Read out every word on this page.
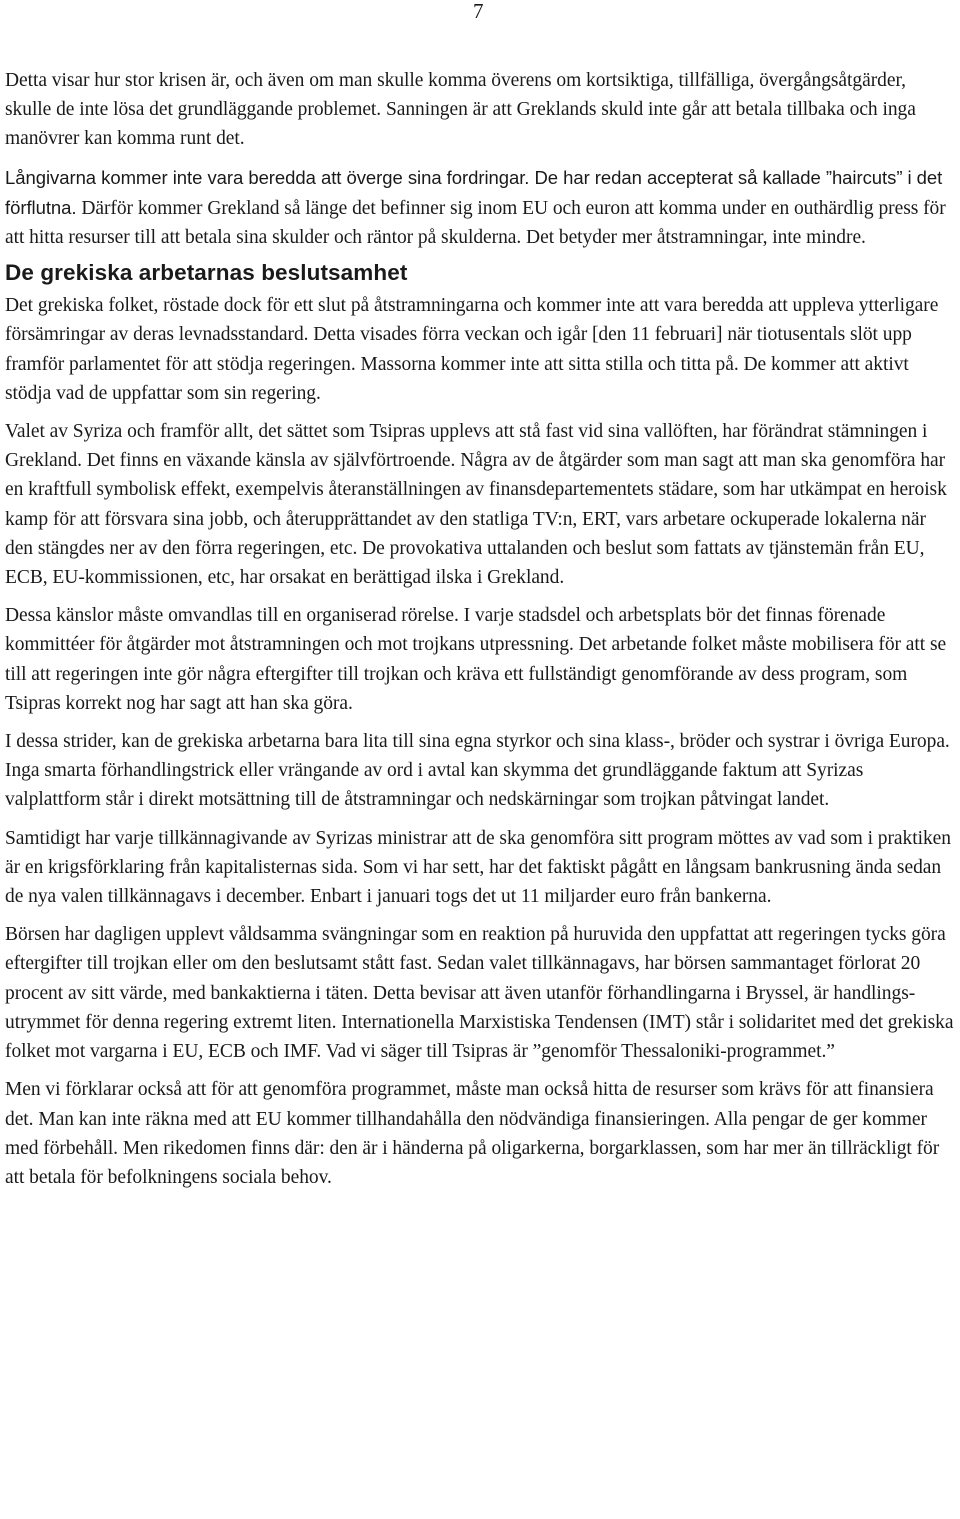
7

Detta visar hur stor krisen är, och även om man skulle komma överens om kortsiktiga, tillfälliga, övergångsåtgärder, skulle de inte lösa det grundläggande problemet. Sanningen är att Greklands skuld inte går att betala tillbaka och inga manövrer kan komma runt det.

Långivarna kommer inte vara beredda att överge sina fordringar. De har redan accepterat så kallade ”haircuts” i det förflutna. Därför kommer Grekland så länge det befinner sig inom EU och euron att komma under en outhärdlig press för att hitta resurser till att betala sina skulder och räntor på skulderna. Det betyder mer åtstramningar, inte mindre.

De grekiska arbetarnas beslutsamhet

Det grekiska folket, röstade dock för ett slut på åtstramningarna och kommer inte att vara beredda att uppleva ytterligare försämringar av deras levnadsstandard. Detta visades förra veckan och igår [den 11 februari] när tiotusentals slöt upp framför parlamentet för att stödja regeringen. Massorna kommer inte att sitta stilla och titta på. De kommer att aktivt stödja vad de uppfattar som sin regering.

Valet av Syriza och framför allt, det sättet som Tsipras upplevs att stå fast vid sina vallöften, har förändrat stämningen i Grekland. Det finns en växande känsla av självförtroende. Några av de åtgärder som man sagt att man ska genomföra har en kraftfull symbolisk effekt, exempelvis återanställningen av finansdepartementets städare, som har utkämpat en heroisk kamp för att försvara sina jobb, och återupprättandet av den statliga TV:n, ERT, vars arbetare ockuperade lokalerna när den stängdes ner av den förra regeringen, etc. De provokativa uttalanden och beslut som fattats av tjänstemän från EU, ECB, EU-kommissionen, etc, har orsakat en berättigad ilska i Grekland.

Dessa känslor måste omvandlas till en organiserad rörelse. I varje stadsdel och arbetsplats bör det finnas förenade kommittéer för åtgärder mot åtstramningen och mot trojkans utpressning. Det arbetande folket måste mobilisera för att se till att regeringen inte gör några eftergifter till trojkan och kräva ett fullständigt genomförande av dess program, som Tsipras korrekt nog har sagt att han ska göra.

I dessa strider, kan de grekiska arbetarna bara lita till sina egna styrkor och sina klass-, bröder och systrar i övriga Europa. Inga smarta förhandlingstrick eller vrängande av ord i avtal kan skymma det grundläggande faktum att Syrizas valplattform står i direkt motsättning till de åtstramningar och nedskärningar som trojkan påtvingat landet.

Samtidigt har varje tillkännagivande av Syrizas ministrar att de ska genomföra sitt program möttes av vad som i praktiken är en krigsförklaring från kapitalisternas sida. Som vi har sett, har det faktiskt pågått en långsam bankrusning ända sedan de nya valen tillkännagavs i december. Enbart i januari togs det ut 11 miljarder euro från bankerna.

Börsen har dagligen upplevt våldsamma svängningar som en reaktion på huruvida den uppfattat att regeringen tycks göra eftergifter till trojkan eller om den beslutsamt stått fast. Sedan valet tillkännagavs, har börsen sammantaget förlorat 20 procent av sitt värde, med bankaktierna i täten. Detta bevisar att även utanför förhandlingarna i Bryssel, är handlings-utrymmet för denna regering extremt liten. Internationella Marxistiska Tendensen (IMT) står i solidaritet med det grekiska folket mot vargarna i EU, ECB och IMF. Vad vi säger till Tsipras är ”genomför Thessaloniki-programmet.”

Men vi förklarar också att för att genomföra programmet, måste man också hitta de resurser som krävs för att finansiera det. Man kan inte räkna med att EU kommer tillhandahålla den nödvändiga finansieringen. Alla pengar de ger kommer med förbehåll. Men rikedomen finns där: den är i händerna på oligarkerna, borgarklassen, som har mer än tillräckligt för att betala för befolkningens sociala behov.
